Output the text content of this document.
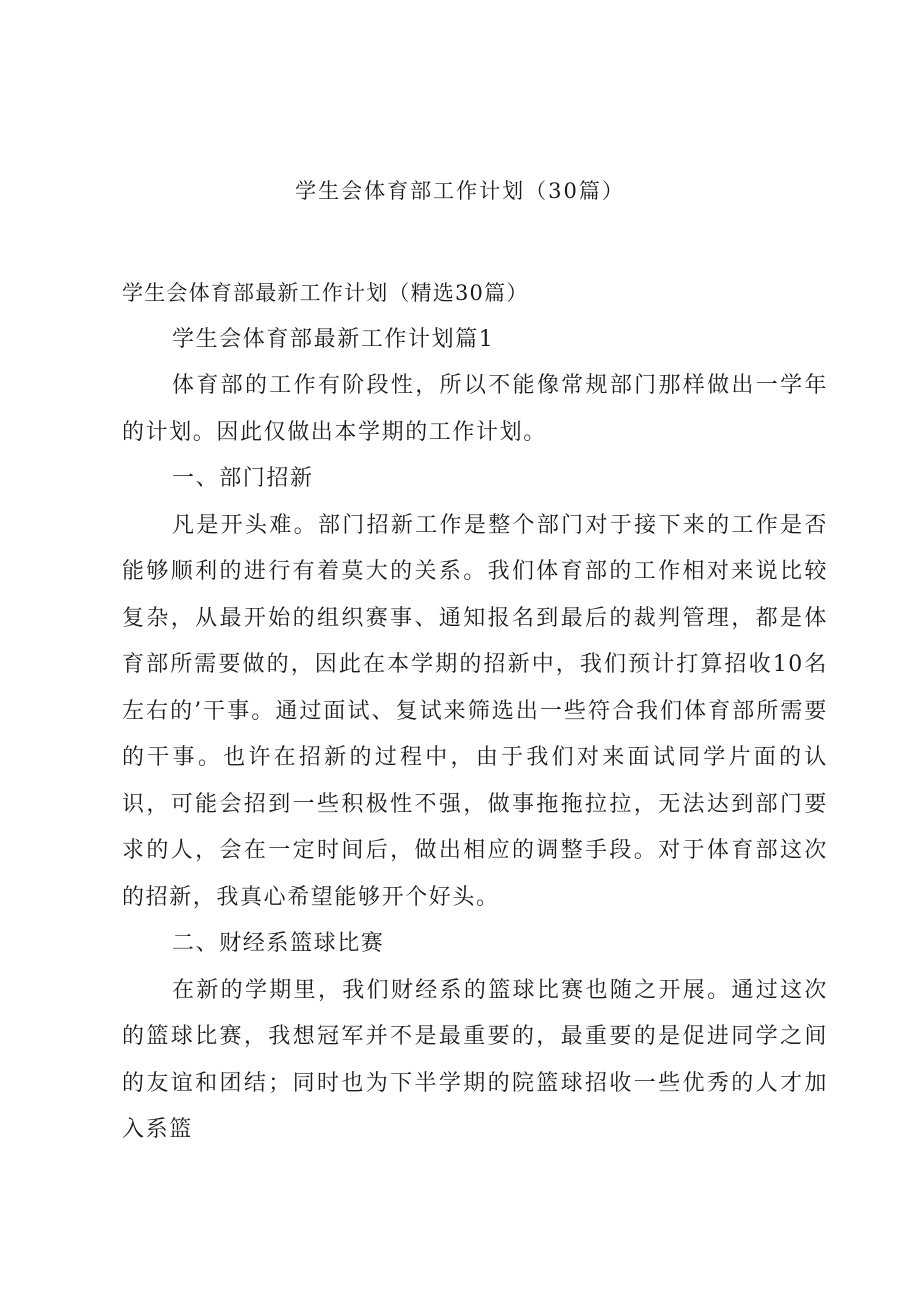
学生会体育部工作计划（30篇）

学生会体育部最新工作计划（精选30篇）

学生会体育部最新工作计划篇1

体育部的工作有阶段性，所以不能像常规部门那样做出一学年的计划。因此仅做出本学期的工作计划。

一、部门招新

凡是开头难。部门招新工作是整个部门对于接下来的工作是否能够顺利的进行有着莫大的关系。我们体育部的工作相对来说比较复杂，从最开始的组织赛事、通知报名到最后的裁判管理，都是体育部所需要做的，因此在本学期的招新中，我们预计打算招收10名左右的’干事。通过面试、复试来筛选出一些符合我们体育部所需要的干事。也许在招新的过程中，由于我们对来面试同学片面的认识，可能会招到一些积极性不强，做事拖拖拉拉，无法达到部门要求的人，会在一定时间后，做出相应的调整手段。对于体育部这次的招新，我真心希望能够开个好头。

二、财经系篮球比赛

在新的学期里，我们财经系的篮球比赛也随之开展。通过这次的篮球比赛，我想冠军并不是最重要的，最重要的是促进同学之间的友谊和团结；同时也为下半学期的院篮球招收一些优秀的人才加入系篮
